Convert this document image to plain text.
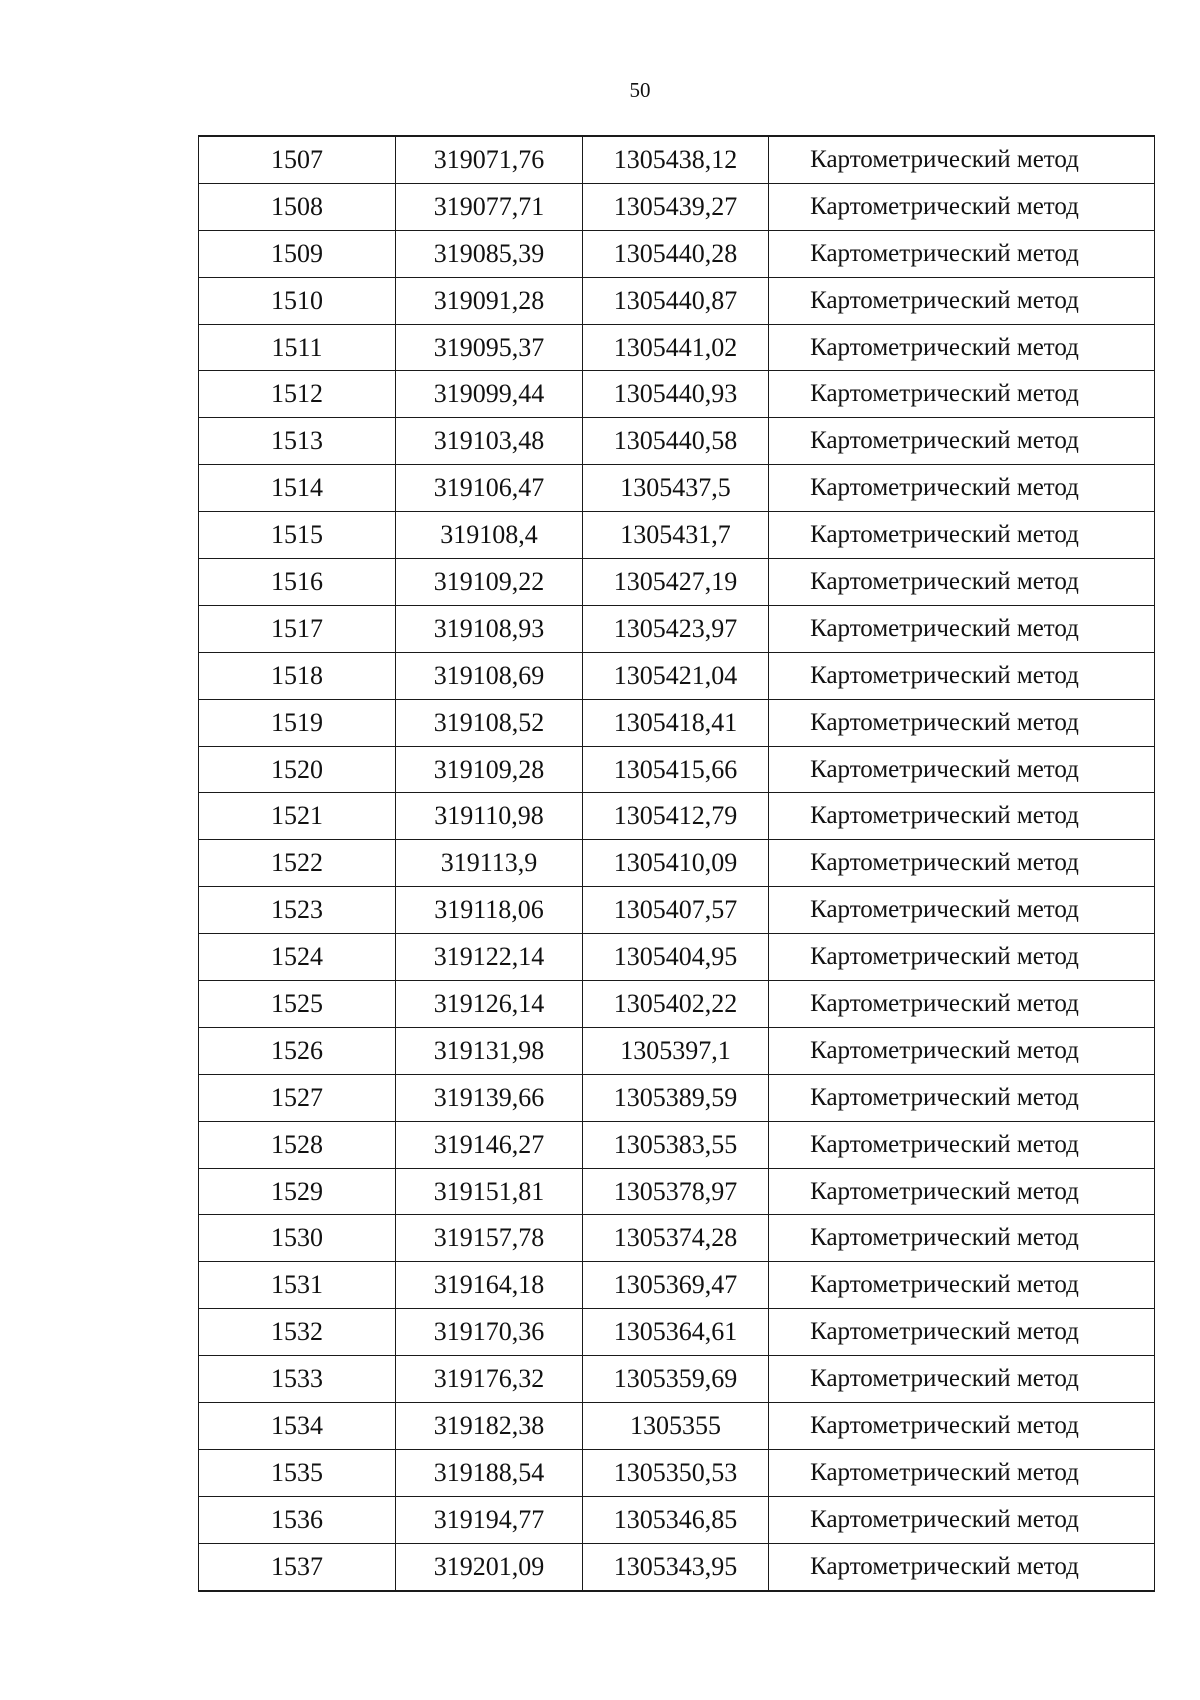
50
1507	319071,76	1305438,12	Картометрический метод
1508	319077,71	1305439,27	Картометрический метод
1509	319085,39	1305440,28	Картометрический метод
1510	319091,28	1305440,87	Картометрический метод
1511	319095,37	1305441,02	Картометрический метод
1512	319099,44	1305440,93	Картометрический метод
1513	319103,48	1305440,58	Картометрический метод
1514	319106,47	1305437,5	Картометрический метод
1515	319108,4	1305431,7	Картометрический метод
1516	319109,22	1305427,19	Картометрический метод
1517	319108,93	1305423,97	Картометрический метод
1518	319108,69	1305421,04	Картометрический метод
1519	319108,52	1305418,41	Картометрический метод
1520	319109,28	1305415,66	Картометрический метод
1521	319110,98	1305412,79	Картометрический метод
1522	319113,9	1305410,09	Картометрический метод
1523	319118,06	1305407,57	Картометрический метод
1524	319122,14	1305404,95	Картометрический метод
1525	319126,14	1305402,22	Картометрический метод
1526	319131,98	1305397,1	Картометрический метод
1527	319139,66	1305389,59	Картометрический метод
1528	319146,27	1305383,55	Картометрический метод
1529	319151,81	1305378,97	Картометрический метод
1530	319157,78	1305374,28	Картометрический метод
1531	319164,18	1305369,47	Картометрический метод
1532	319170,36	1305364,61	Картометрический метод
1533	319176,32	1305359,69	Картометрический метод
1534	319182,38	1305355	Картометрический метод
1535	319188,54	1305350,53	Картометрический метод
1536	319194,77	1305346,85	Картометрический метод
1537	319201,09	1305343,95	Картометрический метод
